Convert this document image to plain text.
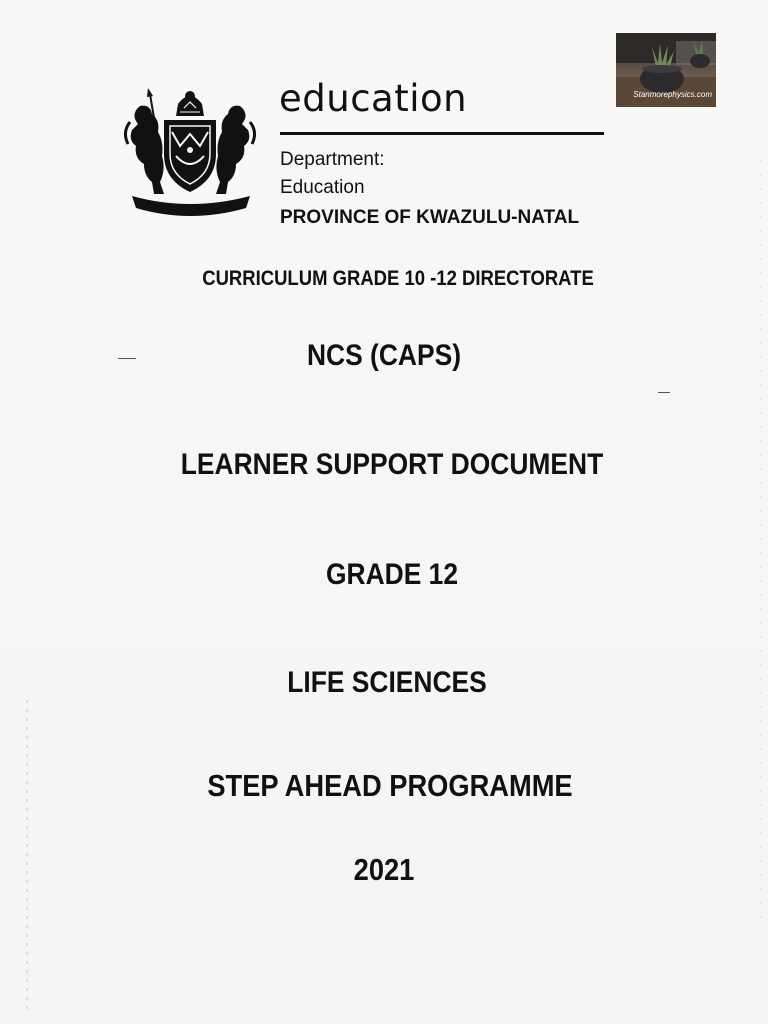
Stanmorephysics.com
education
Department:
Education
PROVINCE OF KWAZULU-NATAL
CURRICULUM GRADE 10 -12 DIRECTORATE
NCS (CAPS)
LEARNER SUPPORT DOCUMENT
GRADE 12
LIFE SCIENCES
STEP AHEAD PROGRAMME
2021
